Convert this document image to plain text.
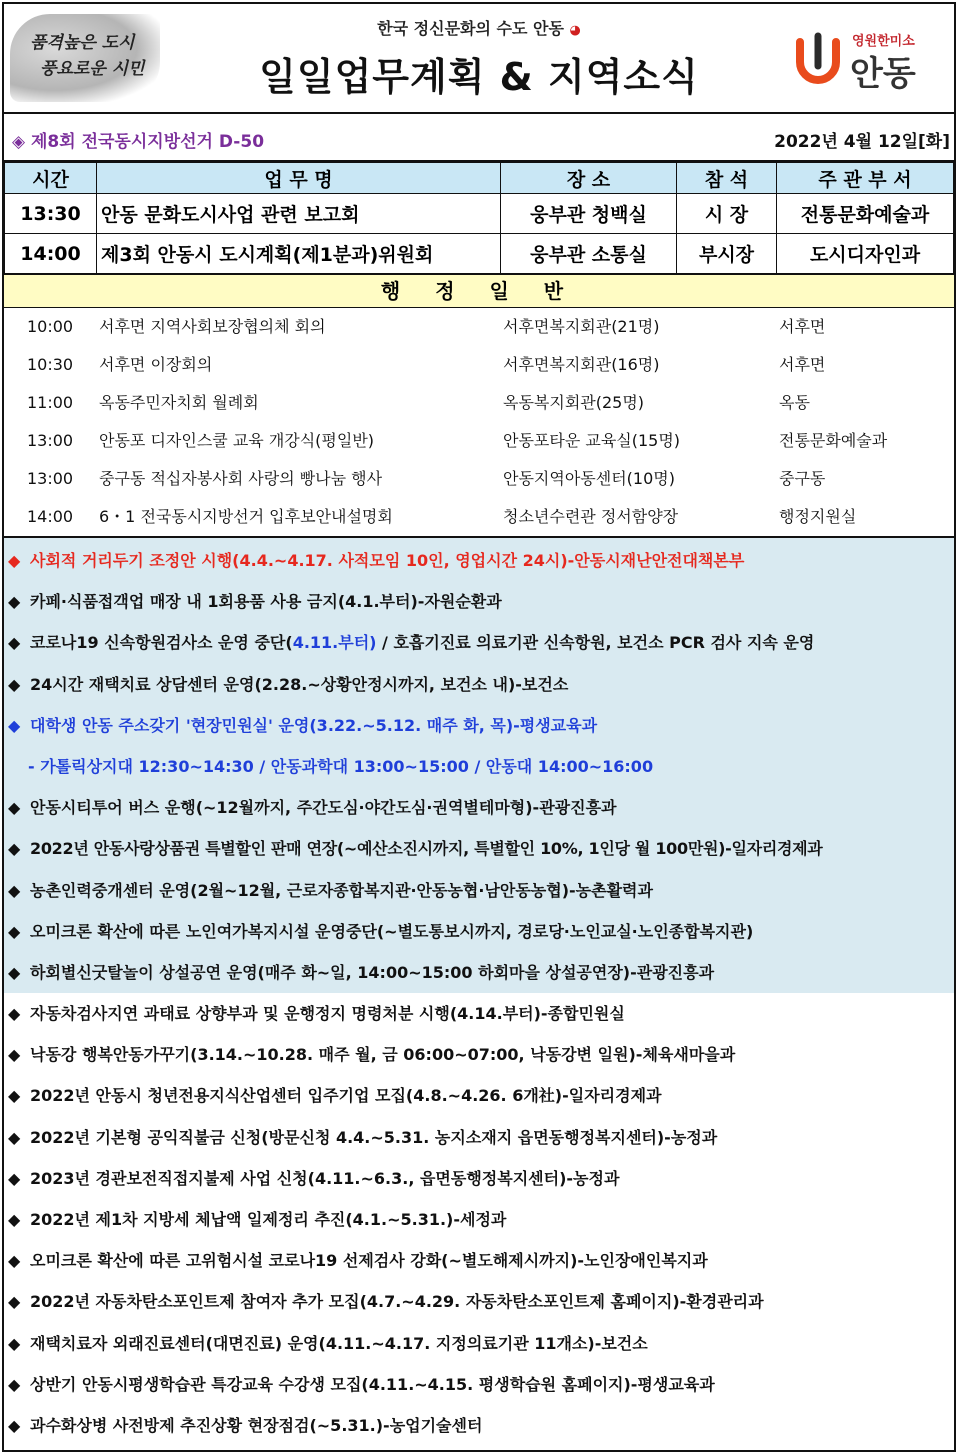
품격높은 도시
풍요로운 시민
한국 정신문화의 수도 안동 ◕
일일업무계획 & 지역소식
영원한미소
안동
◈ 제8회 전국동시지방선거 D-50	2022년 4월 12일[화]
시간	업 무 명	장 소	참 석	주 관 부 서
13:30	안동 문화도시사업 관련 보고회	웅부관 청백실	시 장	전통문화예술과
14:00	제3회 안동시 도시계획(제1분과)위원회	웅부관 소통실	부시장	도시디자인과
행 정 일 반
10:00 서후면 지역사회보장협의체 회의	서후면복지회관(21명)	서후면
10:30 서후면 이장회의	서후면복지회관(16명)	서후면
11:00 옥동주민자치회 월례회	옥동복지회관(25명)	옥동
13:00 안동포 디자인스쿨 교육 개강식(평일반)	안동포타운 교육실(15명)	전통문화예술과
13:00 중구동 적십자봉사회 사랑의 빵나눔 행사	안동지역아동센터(10명)	중구동
14:00 6・1 전국동시지방선거 입후보안내설명회	청소년수련관 정서함양장	행정지원실
◆ 사회적 거리두기 조정안 시행(4.4.~4.17. 사적모임 10인, 영업시간 24시)-안동시재난안전대책본부
◆ 카페·식품접객업 매장 내 1회용품 사용 금지(4.1.부터)-자원순환과
◆ 코로나19 신속항원검사소 운영 중단(4.11.부터) / 호흡기진료 의료기관 신속항원, 보건소 PCR 검사 지속 운영
◆ 24시간 재택치료 상담센터 운영(2.28.~상황안정시까지, 보건소 내)-보건소
◆ 대학생 안동 주소갖기 '현장민원실' 운영(3.22.~5.12. 매주 화, 목)-평생교육과
- 가톨릭상지대 12:30~14:30 / 안동과학대 13:00~15:00 / 안동대 14:00~16:00
◆ 안동시티투어 버스 운행(~12월까지, 주간도심·야간도심·권역별테마형)-관광진흥과
◆ 2022년 안동사랑상품권 특별할인 판매 연장(~예산소진시까지, 특별할인 10%, 1인당 월 100만원)-일자리경제과
◆ 농촌인력중개센터 운영(2월~12월, 근로자종합복지관·안동농협·남안동농협)-농촌활력과
◆ 오미크론 확산에 따른 노인여가복지시설 운영중단(~별도통보시까지, 경로당·노인교실·노인종합복지관)
◆ 하회별신굿탈놀이 상설공연 운영(매주 화~일, 14:00~15:00 하회마을 상설공연장)-관광진흥과
◆ 자동차검사지연 과태료 상향부과 및 운행정지 명령처분 시행(4.14.부터)-종합민원실
◆ 낙동강 행복안동가꾸기(3.14.~10.28. 매주 월, 금 06:00~07:00, 낙동강변 일원)-체육새마을과
◆ 2022년 안동시 청년전용지식산업센터 입주기업 모집(4.8.~4.26. 6개社)-일자리경제과
◆ 2022년 기본형 공익직불금 신청(방문신청 4.4.~5.31. 농지소재지 읍면동행정복지센터)-농정과
◆ 2023년 경관보전직접지불제 사업 신청(4.11.~6.3., 읍면동행정복지센터)-농정과
◆ 2022년 제1차 지방세 체납액 일제정리 추진(4.1.~5.31.)-세정과
◆ 오미크론 확산에 따른 고위험시설 코로나19 선제검사 강화(~별도해제시까지)-노인장애인복지과
◆ 2022년 자동차탄소포인트제 참여자 추가 모집(4.7.~4.29. 자동차탄소포인트제 홈페이지)-환경관리과
◆ 재택치료자 외래진료센터(대면진료) 운영(4.11.~4.17. 지정의료기관 11개소)-보건소
◆ 상반기 안동시평생학습관 특강교육 수강생 모집(4.11.~4.15. 평생학습원 홈페이지)-평생교육과
◆ 과수화상병 사전방제 추진상황 현장점검(~5.31.)-농업기술센터
